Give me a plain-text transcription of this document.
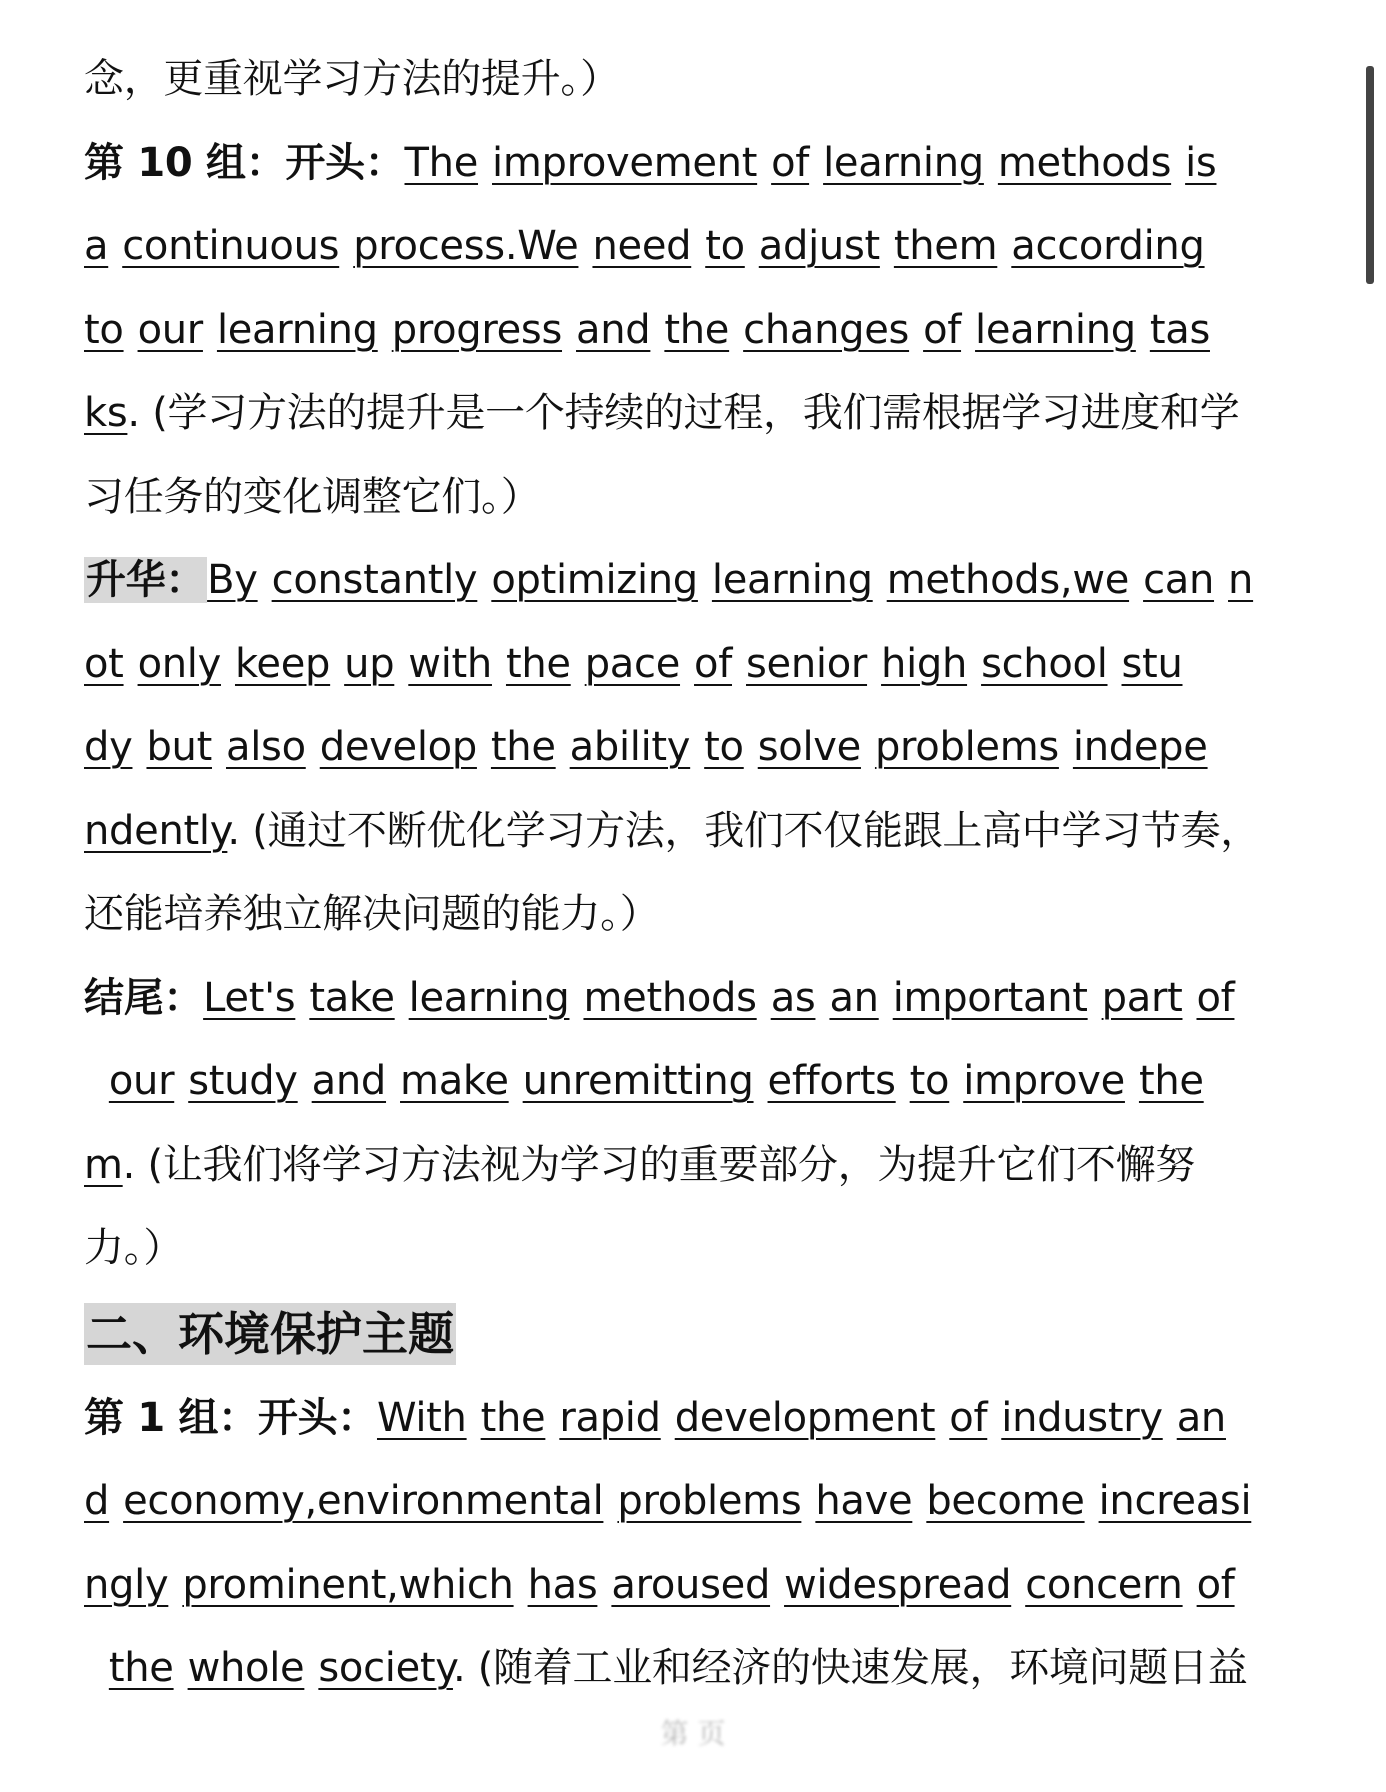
念，更重视学习方法的提升。）
第 10 组：开头：The improvement of learning methods is
a continuous process.We need to adjust them according
to our learning progress and the changes of learning tas
ks. (学习方法的提升是一个持续的过程，我们需根据学习进度和学
习任务的变化调整它们。）
升华：By constantly optimizing learning methods,we can n
ot only keep up with the pace of senior high school stu
dy but also develop the ability to solve problems indepe
ndently. (通过不断优化学习方法，我们不仅能跟上高中学习节奏，
还能培养独立解决问题的能力。）
结尾：Let's take learning methods as an important part of
our study and make unremitting efforts to improve the
m. (让我们将学习方法视为学习的重要部分，为提升它们不懈努
力。）
二、环境保护主题
第 1 组：开头：With the rapid development of industry an
d economy,environmental problems have become increasi
ngly prominent,which has aroused widespread concern of
the whole society. (随着工业和经济的快速发展，环境问题日益
第 页
